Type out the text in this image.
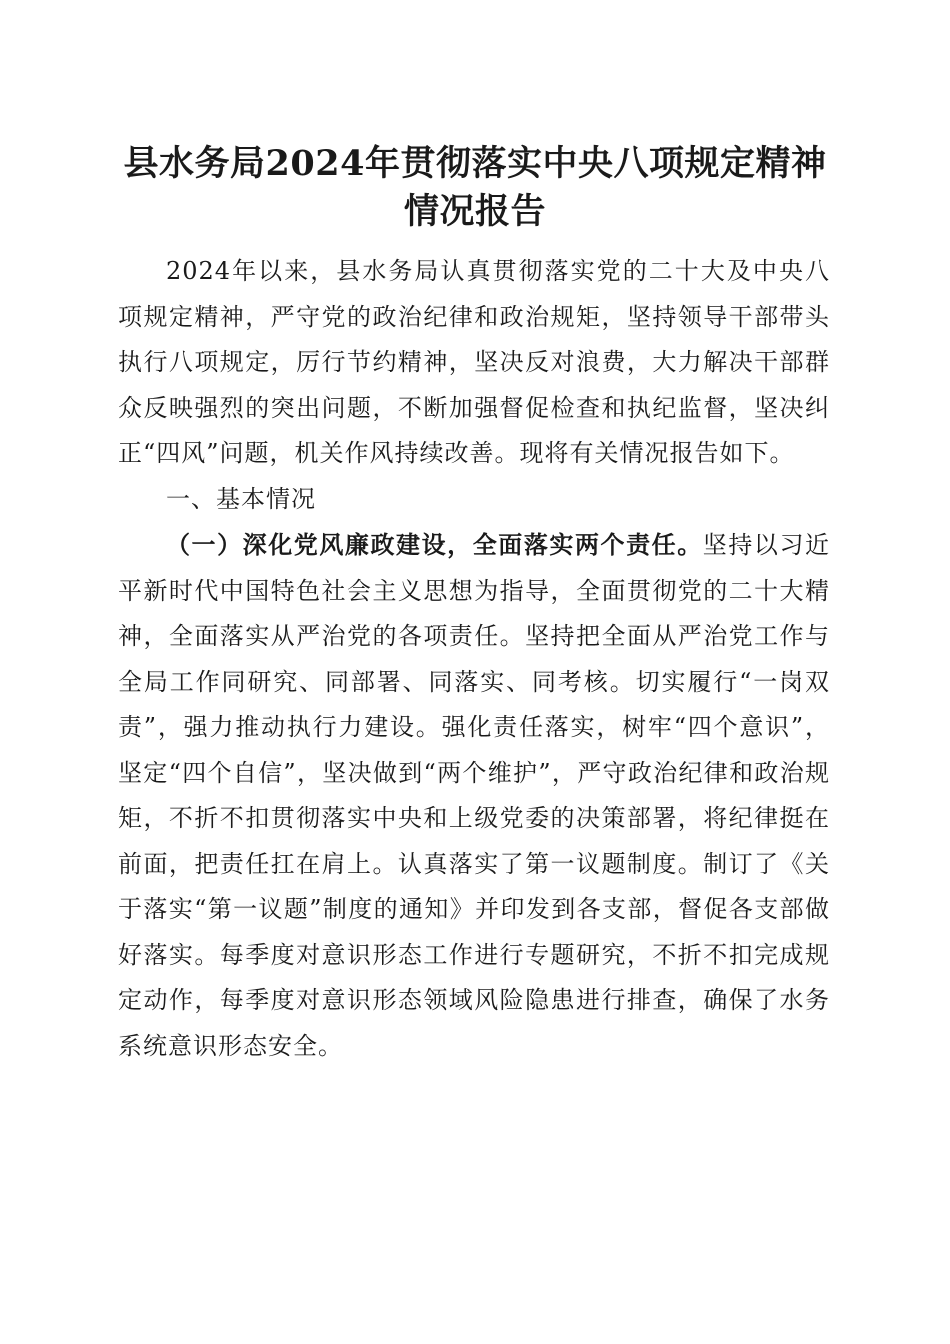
县水务局2024年贯彻落实中央八项规定精神
情况报告

2024年以来，县水务局认真贯彻落实党的二十大及中央八项规定精神，严守党的政治纪律和政治规矩，坚持领导干部带头执行八项规定，厉行节约精神，坚决反对浪费，大力解决干部群众反映强烈的突出问题，不断加强督促检查和执纪监督，坚决纠正“四风”问题，机关作风持续改善。现将有关情况报告如下。

一、基本情况

（一）深化党风廉政建设，全面落实两个责任。坚持以习近平新时代中国特色社会主义思想为指导，全面贯彻党的二十大精神，全面落实从严治党的各项责任。坚持把全面从严治党工作与全局工作同研究、同部署、同落实、同考核。切实履行“一岗双责”，强力推动执行力建设。强化责任落实，树牢“四个意识”，坚定“四个自信”，坚决做到“两个维护”，严守政治纪律和政治规矩，不折不扣贯彻落实中央和上级党委的决策部署，将纪律挺在前面，把责任扛在肩上。认真落实了第一议题制度。制订了《关于落实“第一议题”制度的通知》并印发到各支部，督促各支部做好落实。每季度对意识形态工作进行专题研究，不折不扣完成规定动作，每季度对意识形态领域风险隐患进行排查，确保了水务系统意识形态安全。
